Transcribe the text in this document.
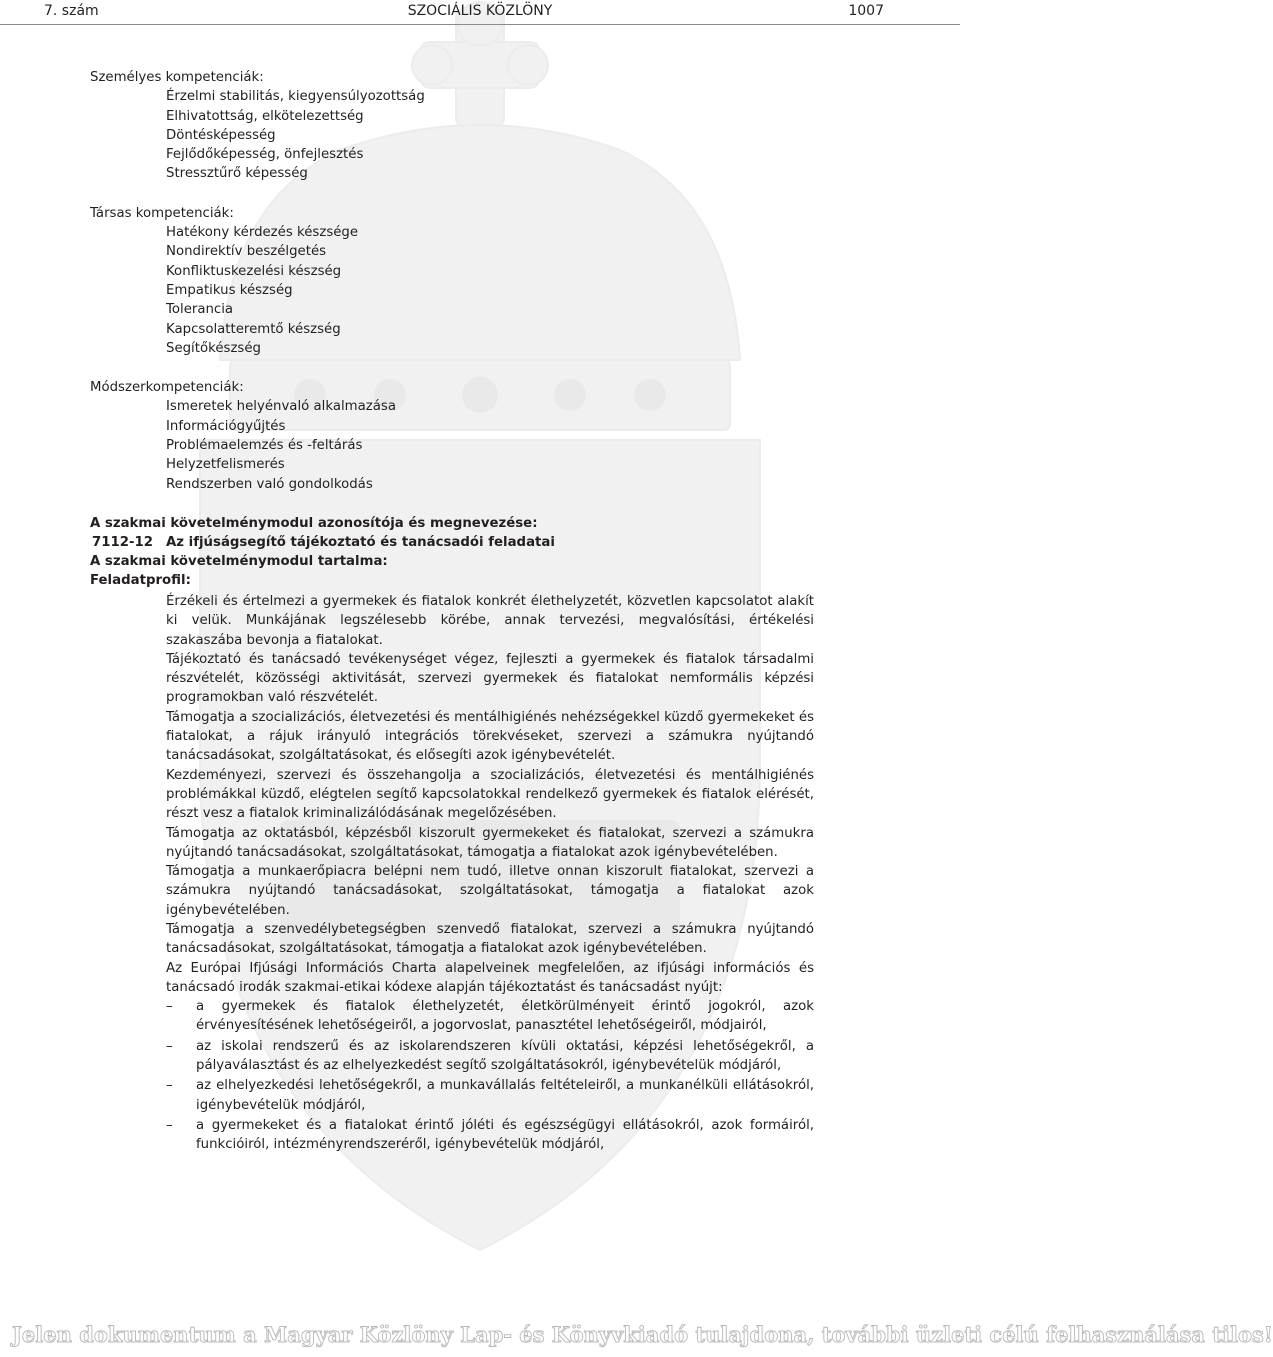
7. szám	SZOCIÁLIS KÖZLÖNY	1007
Személyes kompetenciák:
Érzelmi stabilitás, kiegyensúlyozottság
Elhivatottság, elkötelezettség
Döntésképesség
Fejlődőképesség, önfejlesztés
Stressztűrő képesség
Társas kompetenciák:
Hatékony kérdezés készsége
Nondirektív beszélgetés
Konfliktuskezelési készség
Empatikus készség
Tolerancia
Kapcsolatteremtő készség
Segítőkészség
Módszerkompetenciák:
Ismeretek helyénvaló alkalmazása
Információgyűjtés
Problémaelemzés és -feltárás
Helyzetfelismerés
Rendszerben való gondolkodás
A szakmai követelménymodul azonosítója és megnevezése:
7112-12 Az ifjúságsegítő tájékoztató és tanácsadói feladatai
A szakmai követelménymodul tartalma:
Feladatprofil:

Érzékeli és értelmezi a gyermekek és fiatalok konkrét élethelyzetét, közvetlen kapcsolatot alakít ki velük. Munkájának legszélesebb körébe, annak tervezési, megvalósítási, értékelési szakaszába bevonja a fiatalokat.

Tájékoztató és tanácsadó tevékenységet végez, fejleszti a gyermekek és fiatalok társadalmi részvételét, közösségi aktivitását, szervezi gyermekek és fiatalokat nemformális képzési programokban való részvételét.

Támogatja a szocializációs, életvezetési és mentálhigiénés nehézségekkel küzdő gyermekeket és fiatalokat, a rájuk irányuló integrációs törekvéseket, szervezi a számukra nyújtandó tanácsadásokat, szolgáltatásokat, és elősegíti azok igénybevételét.

Kezdeményezi, szervezi és összehangolja a szocializációs, életvezetési és mentálhigiénés problémákkal küzdő, elégtelen segítő kapcsolatokkal rendelkező gyermekek és fiatalok elérését, részt vesz a fiatalok kriminalizálódásának megelőzésében.

Támogatja az oktatásból, képzésből kiszorult gyermekeket és fiatalokat, szervezi a számukra nyújtandó tanácsadásokat, szolgáltatásokat, támogatja a fiatalokat azok igénybevételében.

Támogatja a munkaerőpiacra belépni nem tudó, illetve onnan kiszorult fiatalokat, szervezi a számukra nyújtandó tanácsadásokat, szolgáltatásokat, támogatja a fiatalokat azok igénybevételében.

Támogatja a szenvedélybetegségben szenvedő fiatalokat, szervezi a számukra nyújtandó tanácsadásokat, szolgáltatásokat, támogatja a fiatalokat azok igénybevételében.

Az Európai Ifjúsági Információs Charta alapelveinek megfelelően, az ifjúsági információs és tanácsadó irodák szakmai-etikai kódexe alapján tájékoztatást és tanácsadást nyújt:

– a gyermekek és fiatalok élethelyzetét, életkörülményeit érintő jogokról, azok érvényesítésének lehetőségeiről, a jogorvoslat, panasztétel lehetőségeiről, módjairól,
– az iskolai rendszerű és az iskolarendszeren kívüli oktatási, képzési lehetőségekről, a pályaválasztást és az elhelyezkedést segítő szolgáltatásokról, igénybevételük módjáról,
– az elhelyezkedési lehetőségekről, a munkavállalás feltételeiről, a munkanélküli ellátásokról, igénybevételük módjáról,
– a gyermekeket és a fiatalokat érintő jóléti és egészségügyi ellátásokról, azok formáiról, funkcióiról, intézményrendszeréről, igénybevételük módjáról,
Jelen dokumentum a Magyar Közlöny Lap- és Könyvkiadó tulajdona, további üzleti célú felhasználása tilos!
